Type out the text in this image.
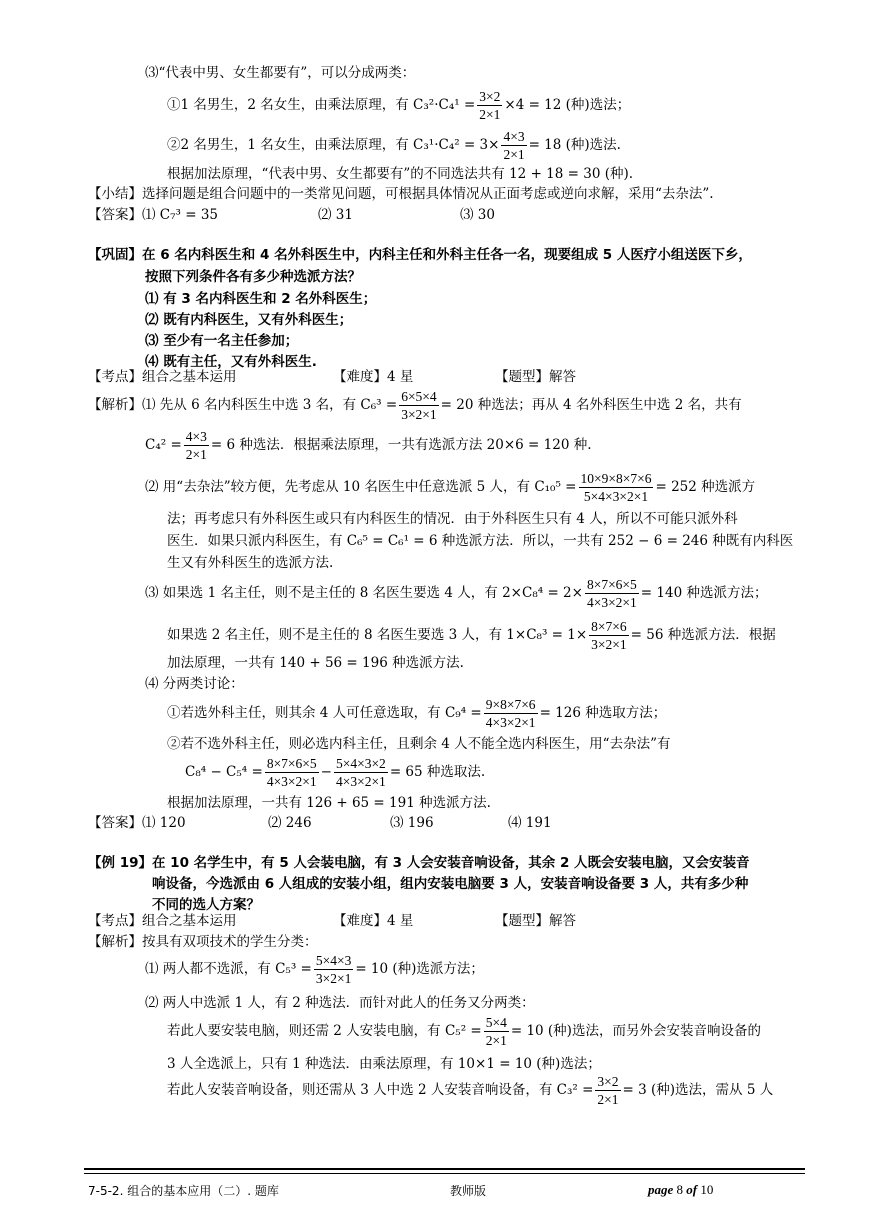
⑶“代表中男、女生都要有”，可以分成两类：
①1 名男生，2 名女生，由乘法原理，有 $C_3^2\cdot C_4^1 = \frac{3\times 2}{2\times 1} \times 4 = 12$ (种)选法；
②2 名男生，1 名女生，由乘法原理，有 $C_3^1\cdot C_4^2 = 3\times \frac{4\times 3}{2\times 1} = 18$ (种)选法.
根据加法原理，“代表中男、女生都要有”的不同选法共有 12 + 18 = 30 (种).
【小结】选择问题是组合问题中的一类常见问题，可根据具体情况从正面考虑或逆向求解，采用“去杂法”.
【答案】⑴ C₇³ = 35	⑵ 31	⑶ 30
【巩固】在 6 名内科医生和 4 名外科医生中，内科主任和外科主任各一名，现要组成 5 人医疗小组送医下乡，
按照下列条件各有多少种选派方法？
⑴ 有 3 名内科医生和 2 名外科医生；
⑵ 既有内科医生，又有外科医生；
⑶ 至少有一名主任参加；
⑷ 既有主任，又有外科医生.
【考点】组合之基本运用	【难度】4 星	【题型】解答
【解析】⑴ 先从 6 名内科医生中选 3 名，有 $C_6^3 = \frac{6\times 5\times 4}{3\times 2\times 1} = 20$ 种选法；再从 4 名外科医生中选 2 名，共有
$C_4^2 = \frac{4\times 3}{2\times 1} = 6$ 种选法．根据乘法原理，一共有选派方法 20×6 = 120 种.
⑵ 用“去杂法”较方便，先考虑从 10 名医生中任意选派 5 人，有 $C_{10}^5 = \frac{10\times 9\times 8\times 7\times 6}{5\times 4\times 3\times 2\times 1} = 252$ 种选派方
法；再考虑只有外科医生或只有内科医生的情况．由于外科医生只有 4 人，所以不可能只派外科
医生．如果只派内科医生，有 C₆⁵ = C₆¹ = 6 种选派方法．所以，一共有 252 − 6 = 246 种既有内科医
生又有外科医生的选派方法.
⑶ 如果选 1 名主任，则不是主任的 8 名医生要选 4 人，有 $2\times C_8^4 = 2\times \frac{8\times 7\times 6\times 5}{4\times 3\times 2\times 1} = 140$ 种选派方法；
如果选 2 名主任，则不是主任的 8 名医生要选 3 人，有 $1\times C_8^3 = 1\times \frac{8\times 7\times 6}{3\times 2\times 1} = 56$ 种选派方法．根据
加法原理，一共有 140 + 56 = 196 种选派方法.
⑷ 分两类讨论：
①若选外科主任，则其余 4 人可任意选取，有 $C_9^4 = \frac{9\times 8\times 7\times 6}{4\times 3\times 2\times 1} = 126$ 种选取方法；
②若不选外科主任，则必选内科主任，且剩余 4 人不能全选内科医生，用“去杂法”有
$C_8^4 - C_5^4 = \frac{8\times 7\times 6\times 5}{4\times 3\times 2\times 1} - \frac{5\times 4\times 3\times 2}{4\times 3\times 2\times 1} = 65$ 种选取法.
根据加法原理，一共有 126 + 65 = 191 种选派方法.
【答案】⑴ 120	⑵ 246	⑶ 196	⑷ 191
【例 19】在 10 名学生中，有 5 人会装电脑，有 3 人会安装音响设备，其余 2 人既会安装电脑，又会安装音
响设备，今选派由 6 人组成的安装小组，组内安装电脑要 3 人，安装音响设备要 3 人，共有多少种
不同的选人方案？
【考点】组合之基本运用	【难度】4 星	【题型】解答
【解析】按具有双项技术的学生分类：
⑴ 两人都不选派，有 $C_5^3 = \frac{5\times 4\times 3}{3\times 2\times 1} = 10$ (种)选派方法；
⑵ 两人中选派 1 人，有 2 种选法．而针对此人的任务又分两类：
若此人要安装电脑，则还需 2 人安装电脑，有 $C_5^2 = \frac{5\times 4}{2\times 1} = 10$ (种)选法，而另外会安装音响设备的
3 人全选派上，只有 1 种选法．由乘法原理，有 10×1 = 10 (种)选法；
若此人安装音响设备，则还需从 3 人中选 2 人安装音响设备，有 $C_3^2 = \frac{3\times 2}{2\times 1} = 3$ (种)选法，需从 5 人
7-5-2. 组合的基本应用（二）. 题库	教师版	page 8 of 10
